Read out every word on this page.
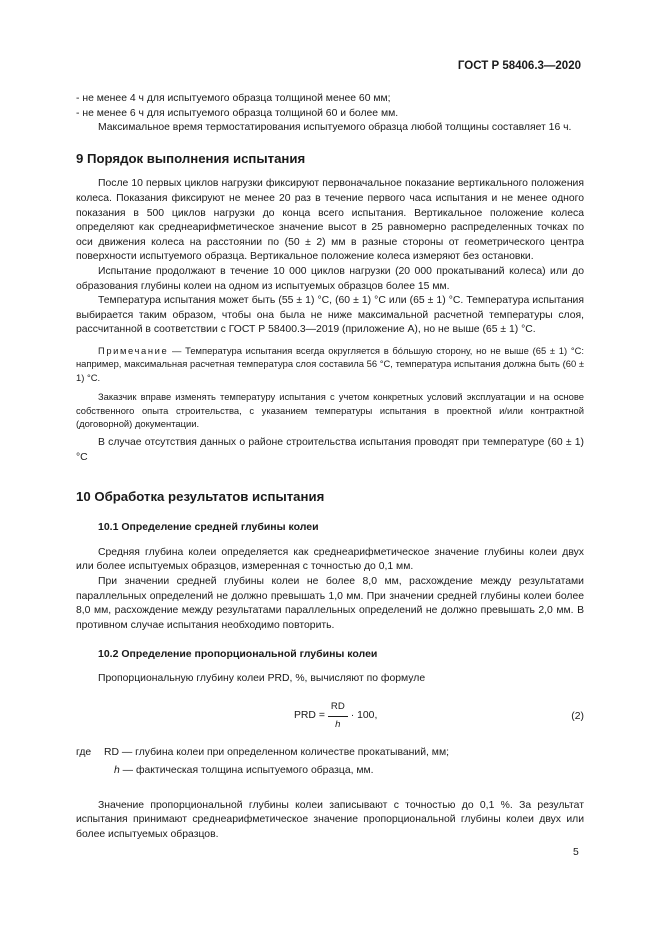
ГОСТ Р 58406.3—2020

- не менее 4 ч для испытуемого образца толщиной менее 60 мм;

- не менее 6 ч для испытуемого образца толщиной 60 и более мм.

Максимальное время термостатирования испытуемого образца любой толщины составляет 16 ч.

9 Порядок выполнения испытания

После 10 первых циклов нагрузки фиксируют первоначальное показание вертикального положения колеса. Показания фиксируют не менее 20 раз в течение первого часа испытания и не менее одного показания в 500 циклов нагрузки до конца всего испытания. Вертикальное положение колеса определяют как среднеарифметическое значение высот в 25 равномерно распределенных точках по оси движения колеса на расстоянии по (50 ± 2) мм в разные стороны от геометрического центра поверхности испытуемого образца. Вертикальное положение колеса измеряют без остановки.

Испытание продолжают в течение 10 000 циклов нагрузки (20 000 прокатываний колеса) или до образования глубины колеи на одном из испытуемых образцов более 15 мм.

Температура испытания может быть (55 ± 1) °С, (60 ± 1) °С или (65 ± 1) °С. Температура испытания выбирается таким образом, чтобы она была не ниже максимальной расчетной температуры слоя, рассчитанной в соответствии с ГОСТ Р 58400.3—2019 (приложение А), но не выше (65 ± 1) °С.

Примечание — Температура испытания всегда округляется в бóльшую сторону, но не выше (65 ± 1) °С: например, максимальная расчетная температура слоя составила 56 °С, температура испытания должна быть (60 ± 1) °С.

Заказчик вправе изменять температуру испытания с учетом конкретных условий эксплуатации и на основе собственного опыта строительства, с указанием температуры испытания в проектной и/или контрактной (договорной) документации.

В случае отсутствия данных о районе строительства испытания проводят при температуре (60 ± 1) °С

10 Обработка результатов испытания
10.1 Определение средней глубины колеи

Средняя глубина колеи определяется как среднеарифметическое значение глубины колеи двух или более испытуемых образцов, измеренная с точностью до 0,1 мм.

При значении средней глубины колеи не более 8,0 мм, расхождение между результатами параллельных определений не должно превышать 1,0 мм. При значении средней глубины колеи более 8,0 мм, расхождение между результатами параллельных определений не должно превышать 2,0 мм. В противном случае испытания необходимо повторить.

10.2 Определение пропорциональной глубины колеи

Пропорциональную глубину колеи PRD, %, вычисляют по формуле

PRD = $\frac{RD}{h} \cdot 100$,	(2)
где	RD — глубина колеи при определенном количестве прокатываний, мм;
h — фактическая толщина испытуемого образца, мм.

Значение пропорциональной глубины колеи записывают с точностью до 0,1 %. За результат испытания принимают среднеарифметическое значение пропорциональной глубины колеи двух или более испытуемых образцов.

5
